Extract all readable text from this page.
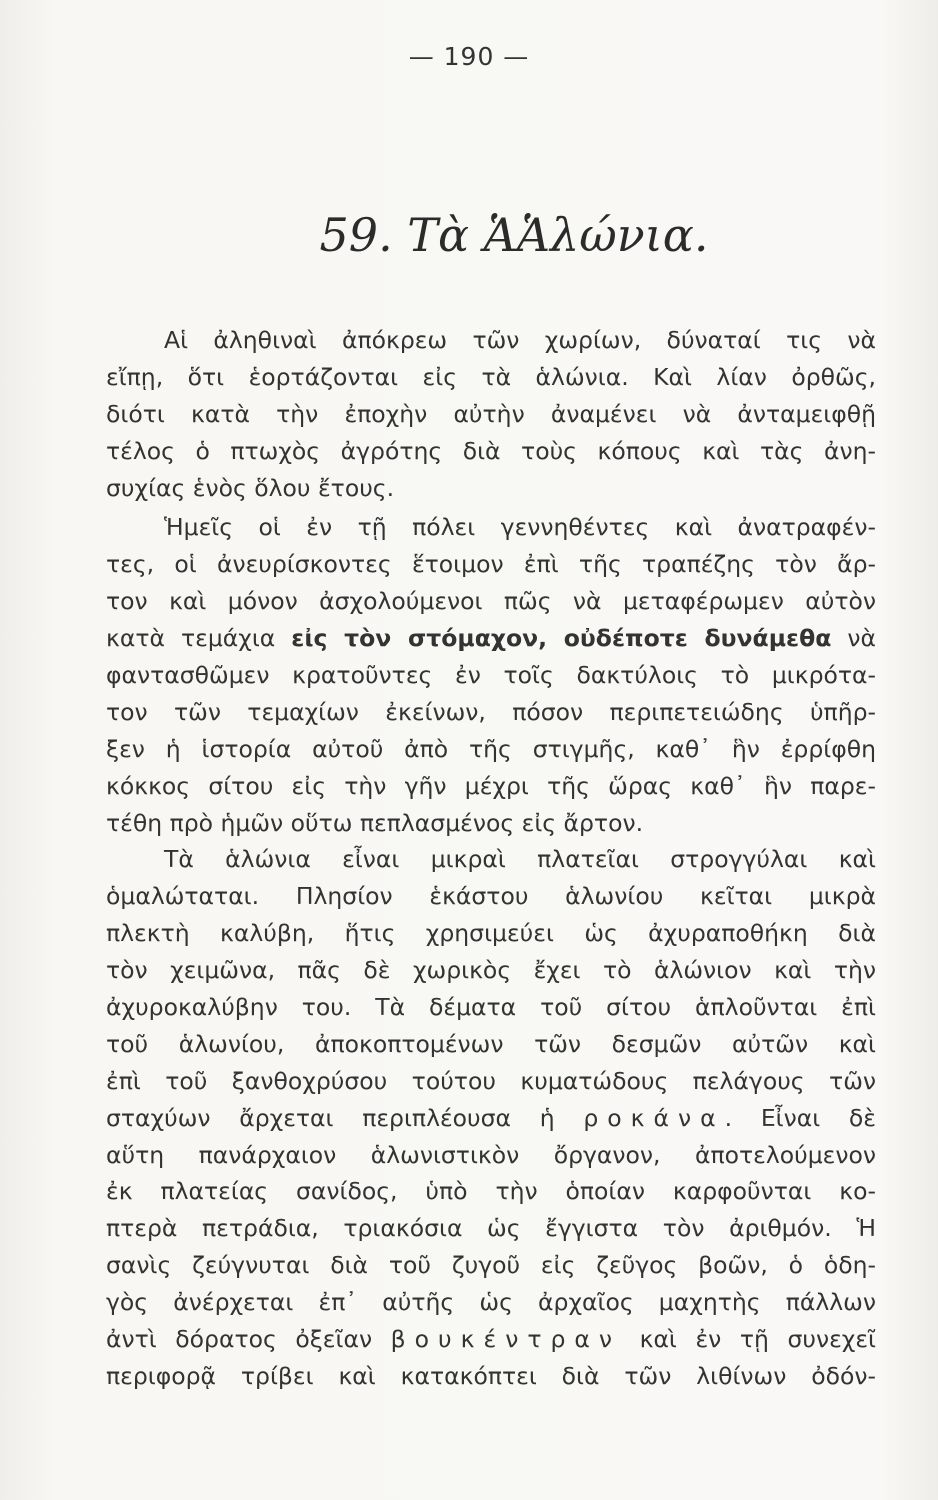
— 190 —
59. Τὰ ἉἉλώνια.
Αἱ ἀληθιναὶ ἀπόκρεω τῶν χωρίων, δύναταί τις νὰ
εἴπῃ, ὅτι ἑορτάζονται εἰς τὰ ἁλώνια. Καὶ λίαν ὀρθῶς,
διότι κατὰ τὴν ἐποχὴν αὐτὴν ἀναμένει νὰ ἀνταμειφθῇ
τέλος ὁ πτωχὸς ἀγρότης διὰ τοὺς κόπους καὶ τὰς ἀνη-
συχίας ἑνὸς ὅλου ἔτους.
Ἡμεῖς οἱ ἐν τῇ πόλει γεννηθέντες καὶ ἀνατραφέν-
τες, οἱ ἀνευρίσκοντες ἕτοιμον ἐπὶ τῆς τραπέζης τὸν ἄρ-
τον καὶ μόνον ἀσχολούμενοι πῶς νὰ μεταφέρωμεν αὐτὸν
κατὰ τεμάχια εἰς τὸν στόμαχον, οὐδέποτε δυνάμεθα νὰ
φαντασθῶμεν κρατοῦντες ἐν τοῖς δακτύλοις τὸ μικρότα-
τον τῶν τεμαχίων ἐκείνων, πόσον περιπετειώδης ὑπῆρ-
ξεν ἡ ἱστορία αὐτοῦ ἀπὸ τῆς στιγμῆς, καθ᾽ ἣν ἐρρίφθη
κόκκος σίτου εἰς τὴν γῆν μέχρι τῆς ὥρας καθ᾽ ἣν παρε-
τέθη πρὸ ἡμῶν οὕτω πεπλασμένος εἰς ἄρτον.
Τὰ ἁλώνια εἶναι μικραὶ πλατεῖαι στρογγύλαι καὶ
ὁμαλώταται. Πλησίον ἑκάστου ἁλωνίου κεῖται μικρὰ
πλεκτὴ καλύβη, ἥτις χρησιμεύει ὡς ἀχυραποθήκη διὰ
τὸν χειμῶνα, πᾶς δὲ χωρικὸς ἔχει τὸ ἁλώνιον καὶ τὴν
ἀχυροκαλύβην του. Τὰ δέματα τοῦ σίτου ἁπλοῦνται ἐπὶ
τοῦ ἁλωνίου, ἀποκοπτομένων τῶν δεσμῶν αὐτῶν καὶ
ἐπὶ τοῦ ξανθοχρύσου τούτου κυματώδους πελάγους τῶν
σταχύων ἄρχεται περιπλέουσα ἡ ροκάνα. Εἶναι δὲ
αὕτη πανάρχαιον ἁλωνιστικὸν ὄργανον, ἀποτελούμενον
ἐκ πλατείας σανίδος, ὑπὸ τὴν ὁποίαν καρφοῦνται κο-
πτερὰ πετράδια, τριακόσια ὡς ἔγγιστα τὸν ἀριθμόν. Ἡ
σανὶς ζεύγνυται διὰ τοῦ ζυγοῦ εἰς ζεῦγος βοῶν, ὁ ὁδη-
γὸς ἀνέρχεται ἐπ᾽ αὐτῆς ὡς ἀρχαῖος μαχητὴς πάλλων
ἀντὶ δόρατος ὀξεῖαν βουκέντραν καὶ ἐν τῇ συνεχεῖ
περιφορᾷ τρίβει καὶ κατακόπτει διὰ τῶν λιθίνων ὀδόν-
